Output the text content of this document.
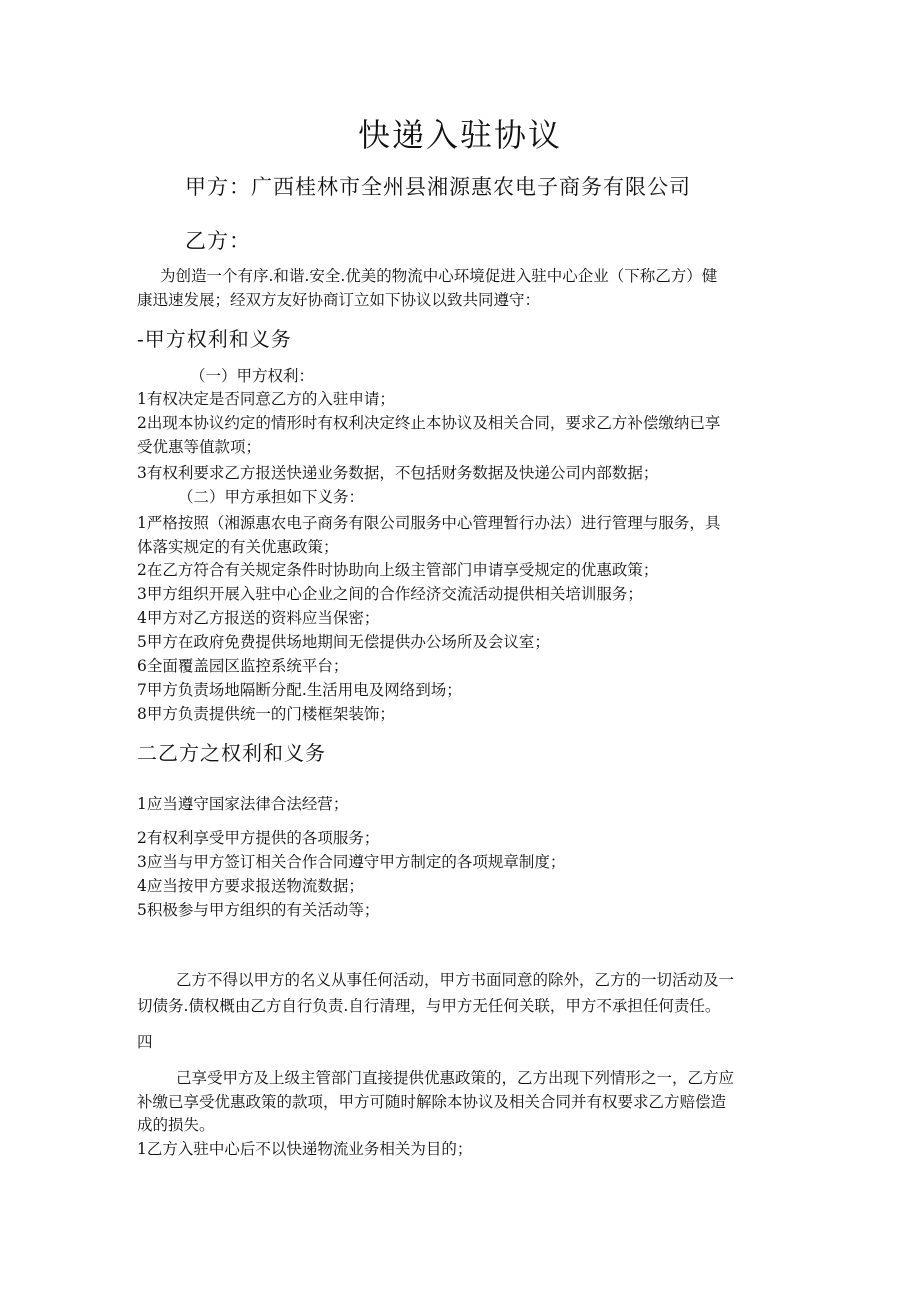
快递入驻协议
甲方：广西桂林市全州县湘源惠农电子商务有限公司
乙方：
为创造一个有序.和谐.安全.优美的物流中心环境促进入驻中心企业（下称乙方）健
康迅速发展；经双方友好协商订立如下协议以致共同遵守：
-甲方权利和义务
（一）甲方权利：
1有权决定是否同意乙方的入驻申请；
2出现本协议约定的情形时有权利决定终止本协议及相关合同，要求乙方补偿缴纳已享
受优惠等值款项；
3有权利要求乙方报送快递业务数据，不包括财务数据及快递公司内部数据；
（二）甲方承担如下义务：
1严格按照（湘源惠农电子商务有限公司服务中心管理暂行办法）进行管理与服务，具
体落实规定的有关优惠政策；
2在乙方符合有关规定条件时协助向上级主管部门申请享受规定的优惠政策；
3甲方组织开展入驻中心企业之间的合作经济交流活动提供相关培训服务；
4甲方对乙方报送的资料应当保密；
5甲方在政府免费提供场地期间无偿提供办公场所及会议室；
6全面覆盖园区监控系统平台；
7甲方负责场地隔断分配.生活用电及网络到场；
8甲方负责提供统一的门楼框架装饰；
二乙方之权利和义务
1应当遵守国家法律合法经营；
2有权利享受甲方提供的各项服务；
3应当与甲方签订相关合作合同遵守甲方制定的各项规章制度；
4应当按甲方要求报送物流数据；
5积极参与甲方组织的有关活动等；
乙方不得以甲方的名义从事任何活动，甲方书面同意的除外，乙方的一切活动及一
切债务.债权概由乙方自行负责.自行清理，与甲方无任何关联，甲方不承担任何责任。
四
己享受甲方及上级主管部门直接提供优惠政策的，乙方出现下列情形之一，乙方应
补缴已享受优惠政策的款项，甲方可随时解除本协议及相关合同并有权要求乙方赔偿造
成的损失。
1乙方入驻中心后不以快递物流业务相关为目的；
